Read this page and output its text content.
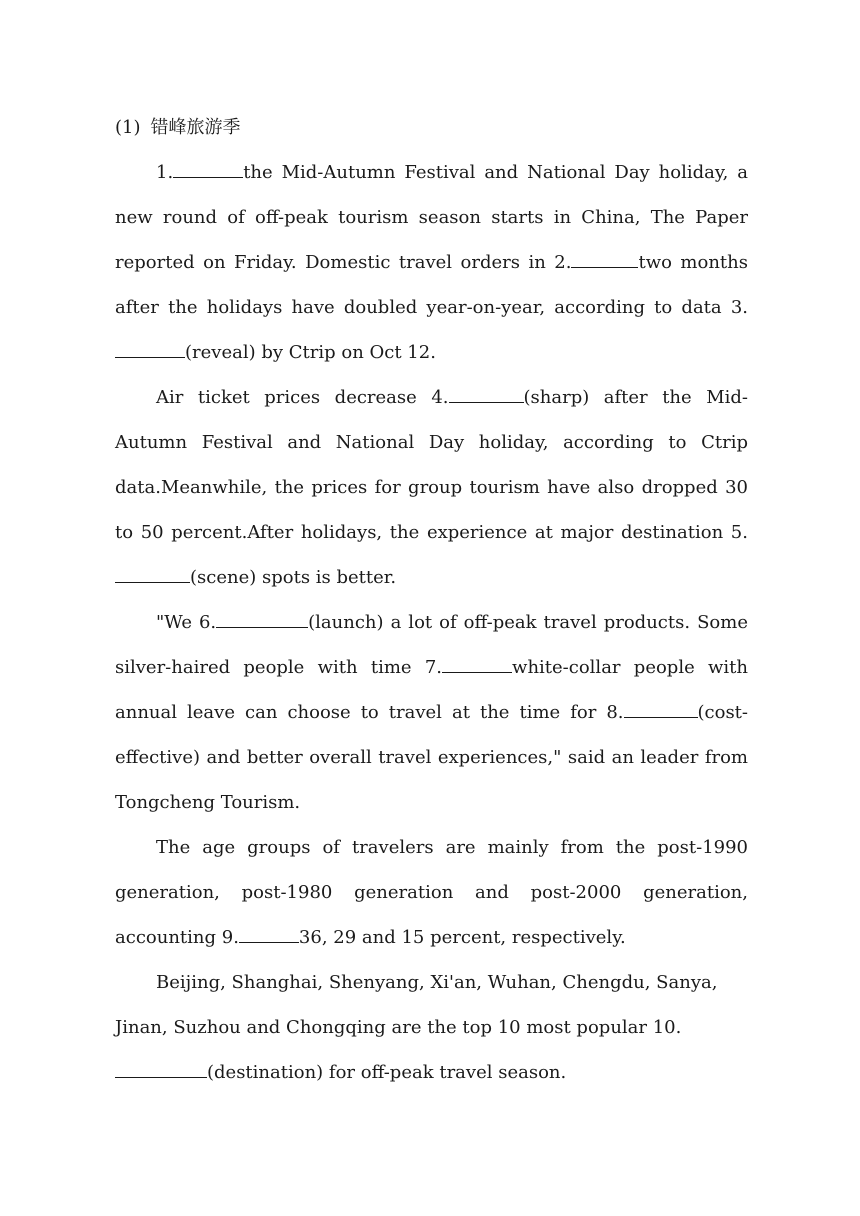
(1) 错峰旅游季

1.	the Mid-Autumn Festival and National Day holiday, a new round of off-peak tourism season starts in China, The Paper reported on Friday. Domestic travel orders in 2.	two months after the holidays have doubled year-on-year, according to data 3.(reveal) by Ctrip on Oct 12.

Air ticket prices decrease 4.	(sharp) after the Mid-Autumn Festival and National Day holiday, according to Ctrip data.Meanwhile, the prices for group tourism have also dropped 30 to 50 percent.After holidays, the experience at major destination 5.(scene) spots is better.

"We 6.	(launch) a lot of off-peak travel products. Some silver-haired people with time 7.	white-collar people with annual leave can choose to travel at the time for 8.	(cost-effective) and better overall travel experiences," said an leader from Tongcheng Tourism.

The age groups of travelers are mainly from the post-1990 generation, post-1980 generation and post-2000 generation, accounting 9.	36, 29 and 15 percent, respectively.

Beijing, Shanghai, Shenyang, Xi'an, Wuhan, Chengdu, Sanya, Jinan, Suzhou and Chongqing are the top 10 most popular 10.(destination) for off-peak travel season.
